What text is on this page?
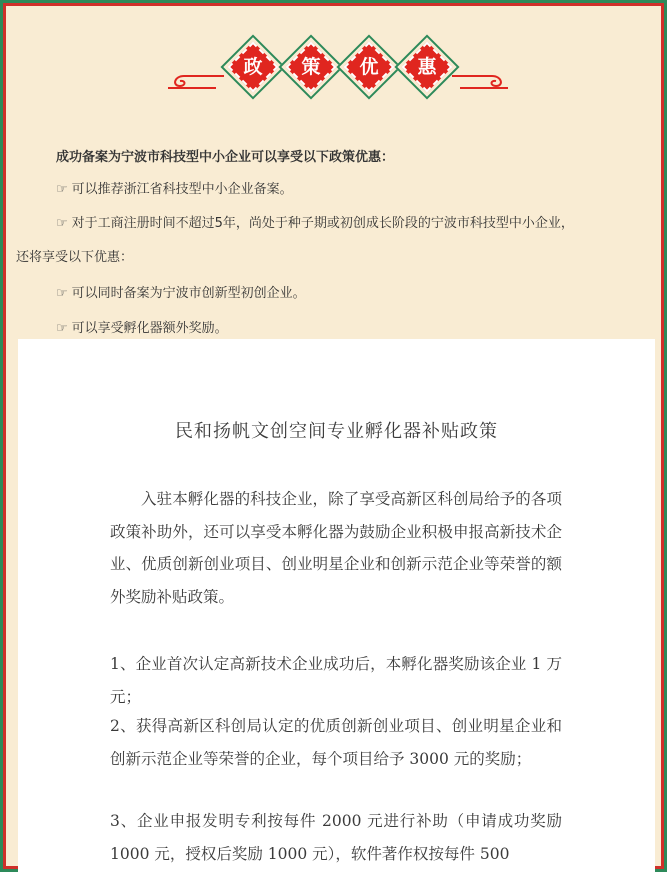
政	策	优	惠

成功备案为宁波市科技型中小企业可以享受以下政策优惠：

☞ 可以推荐浙江省科技型中小企业备案。

☞ 对于工商注册时间不超过5年，尚处于种子期或初创成长阶段的宁波市科技型中小企业，

还将享受以下优惠：

☞ 可以同时备案为宁波市创新型初创企业。

☞ 可以享受孵化器额外奖励。

民和扬帆文创空间专业孵化器补贴政策

入驻本孵化器的科技企业，除了享受高新区科创局给予的各项政策补助外，还可以享受本孵化器为鼓励企业积极申报高新技术企业、优质创新创业项目、创业明星企业和创新示范企业等荣誉的额外奖励补贴政策。

1、企业首次认定高新技术企业成功后，本孵化器奖励该企业 1 万元；

2、获得高新区科创局认定的优质创新创业项目、创业明星企业和创新示范企业等荣誉的企业，每个项目给予 3000 元的奖励；

3、企业申报发明专利按每件 2000 元进行补助（申请成功奖励 1000 元，授权后奖励 1000 元），软件著作权按每件 500
